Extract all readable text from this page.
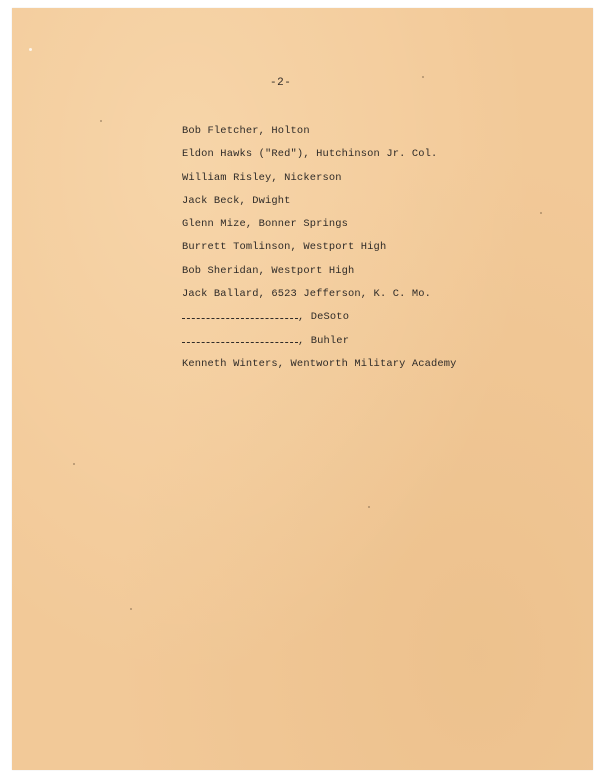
-2-
Bob Fletcher, Holton
Eldon Hawks ("Red"), Hutchinson Jr. Col.
William Risley, Nickerson
Jack Beck, Dwight
Glenn Mize, Bonner Springs
Burrett Tomlinson, Westport High
Bob Sheridan, Westport High
Jack Ballard, 6523 Jefferson, K. C. Mo.
, DeSoto
, Buhler
Kenneth Winters, Wentworth Military Academy
